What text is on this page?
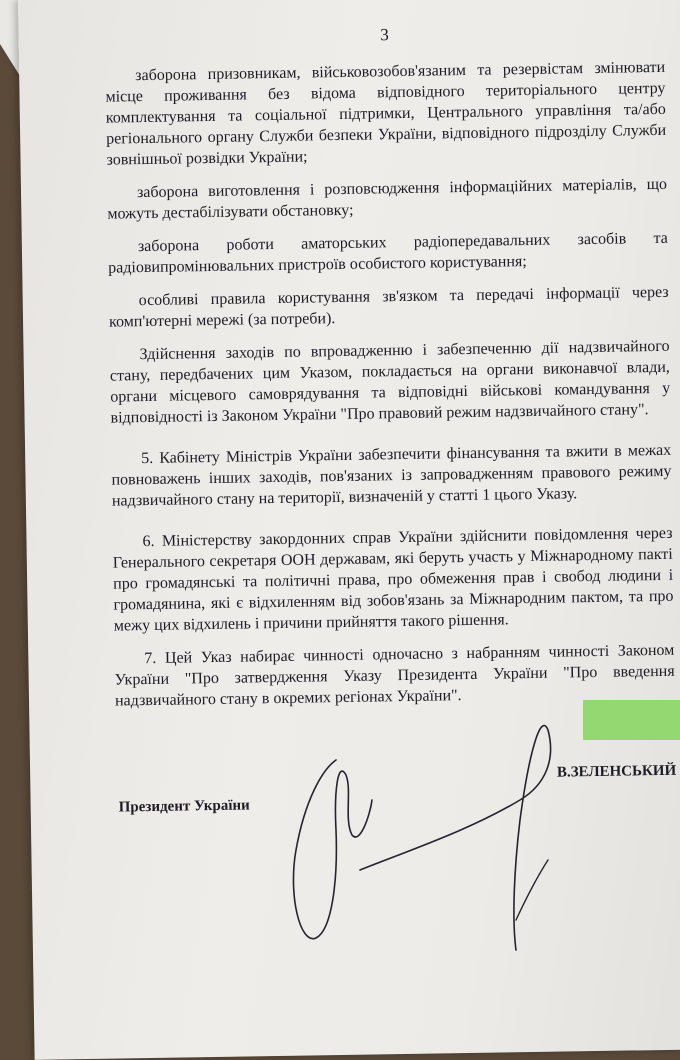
3

заборона призовникам, військовозобов'язаним та резервістам змінювати місце проживання без відома відповідного територіального центру комплектування та соціальної підтримки, Центрального управління та/або регіонального органу Служби безпеки України, відповідного підрозділу Служби зовнішньої розвідки України;

заборона виготовлення і розповсюдження інформаційних матеріалів, що можуть дестабілізувати обстановку;

заборона роботи аматорських радіопередавальних засобів та радіовипромінювальних пристроїв особистого користування;

особливі правила користування зв'язком та передачі інформації через комп'ютерні мережі (за потреби).

Здійснення заходів по впровадженню і забезпеченню дії надзвичайного стану, передбачених цим Указом, покладається на органи виконавчої влади, органи місцевого самоврядування та відповідні військові командування у відповідності із Законом України "Про правовий режим надзвичайного стану".

5. Кабінету Міністрів України забезпечити фінансування та вжити в межах повноважень інших заходів, пов'язаних із запровадженням правового режиму надзвичайного стану на території, визначеній у статті 1 цього Указу.

6. Міністерству закордонних справ України здійснити повідомлення через Генерального секретаря ООН державам, які беруть участь у Міжнародному пакті про громадянські та політичні права, про обмеження прав і свобод людини і громадянина, які є відхиленням від зобов'язань за Міжнародним пактом, та про межу цих відхилень і причини прийняття такого рішення.

7. Цей Указ набирає чинності одночасно з набранням чинності Законом України "Про затвердження Указу Президента України "Про введення надзвичайного стану в окремих регіонах України".

Президент України
В.ЗЕЛЕНСЬКИЙ
